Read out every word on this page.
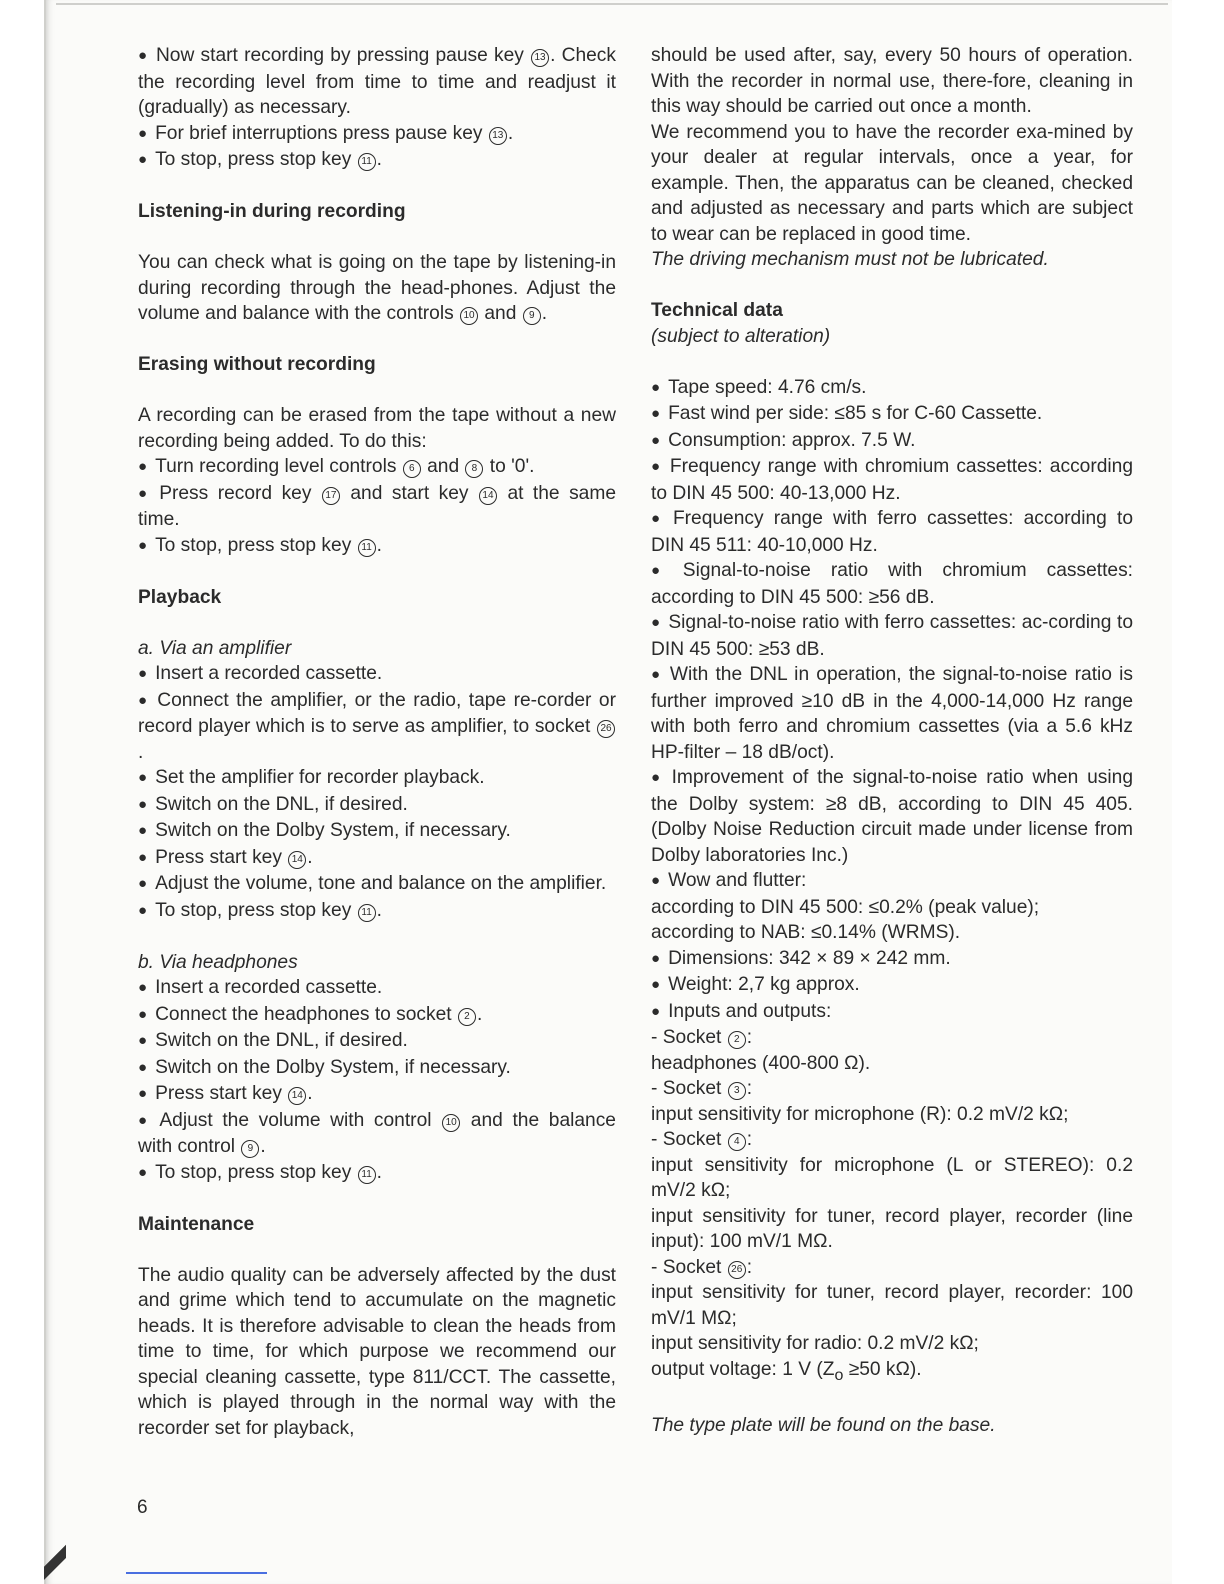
● Now start recording by pressing pause key 13 . Check the recording level from time to time and readjust it (gradually) as necessary.

● For brief interruptions press pause key 13 .

● To stop, press stop key 11 .

Listening-in during recording

You can check what is going on the tape by listening-in during recording through the head-phones. Adjust the volume and balance with the controls 10 and 9 .

Erasing without recording

A recording can be erased from the tape without a new recording being added. To do this:

● Turn recording level controls 6 and 8 to '0'.

● Press record key 17 and start key 14 at the same time.

● To stop, press stop key 11 .

Playback

a. Via an amplifier

● Insert a recorded cassette.

● Connect the amplifier, or the radio, tape re-corder or record player which is to serve as amplifier, to socket 26.

● Set the amplifier for recorder playback.

● Switch on the DNL, if desired.

● Switch on the Dolby System, if necessary.

● Press start key 14 .

● Adjust the volume, tone and balance on the amplifier.

● To stop, press stop key 11 .

b. Via headphones

● Insert a recorded cassette.

● Connect the headphones to socket 2 .

● Switch on the DNL, if desired.

● Switch on the Dolby System, if necessary.

● Press start key 14 .

● Adjust the volume with control 10 and the balance with control 9 .

● To stop, press stop key 11 .

Maintenance

The audio quality can be adversely affected by the dust and grime which tend to accumulate on the magnetic heads. It is therefore advisable to clean the heads from time to time, for which purpose we recommend our special cleaning cassette, type 811/CCT. The cassette, which is played through in the normal way with the recorder set for playback,

should be used after, say, every 50 hours of operation. With the recorder in normal use, there-fore, cleaning in this way should be carried out once a month.

We recommend you to have the recorder exa-mined by your dealer at regular intervals, once a year, for example. Then, the apparatus can be cleaned, checked and adjusted as necessary and parts which are subject to wear can be replaced in good time.

The driving mechanism must not be lubricated.

Technical data

(subject to alteration)

● Tape speed: 4.76 cm/s.

● Fast wind per side: ≤85 s for C-60 Cassette.

● Consumption: approx. 7.5 W.

● Frequency range with chromium cassettes: according to DIN 45 500: 40-13,000 Hz.

● Frequency range with ferro cassettes: according to DIN 45 511: 40-10,000 Hz.

● Signal-to-noise ratio with chromium cassettes: according to DIN 45 500: ≥56 dB.

● Signal-to-noise ratio with ferro cassettes: ac-cording to DIN 45 500: ≥53 dB.

● With the DNL in operation, the signal-to-noise ratio is further improved ≥10 dB in the 4,000-14,000 Hz range with both ferro and chromium cassettes (via a 5.6 kHz HP-filter – 18 dB/oct).

● Improvement of the signal-to-noise ratio when using the Dolby system: ≥8 dB, according to DIN 45 405. (Dolby Noise Reduction circuit made under license from Dolby laboratories Inc.)

● Wow and flutter:

according to DIN 45 500: ≤0.2% (peak value);

according to NAB: ≤0.14% (WRMS).

● Dimensions: 342 × 89 × 242 mm.

● Weight: 2,7 kg approx.

● Inputs and outputs:

- Socket 2 :

headphones (400-800 Ω).

- Socket 3 :

input sensitivity for microphone (R): 0.2 mV/2 kΩ;

- Socket 4 :

input sensitivity for microphone (L or STEREO): 0.2 mV/2 kΩ;

input sensitivity for tuner, record player, recorder (line input): 100 mV/1 MΩ.

- Socket 26 :

input sensitivity for tuner, record player, recorder: 100 mV/1 MΩ;

input sensitivity for radio: 0.2 mV/2 kΩ;

output voltage: 1 V ($Z_o \ge 50$ kΩ).

The type plate will be found on the base.

6
